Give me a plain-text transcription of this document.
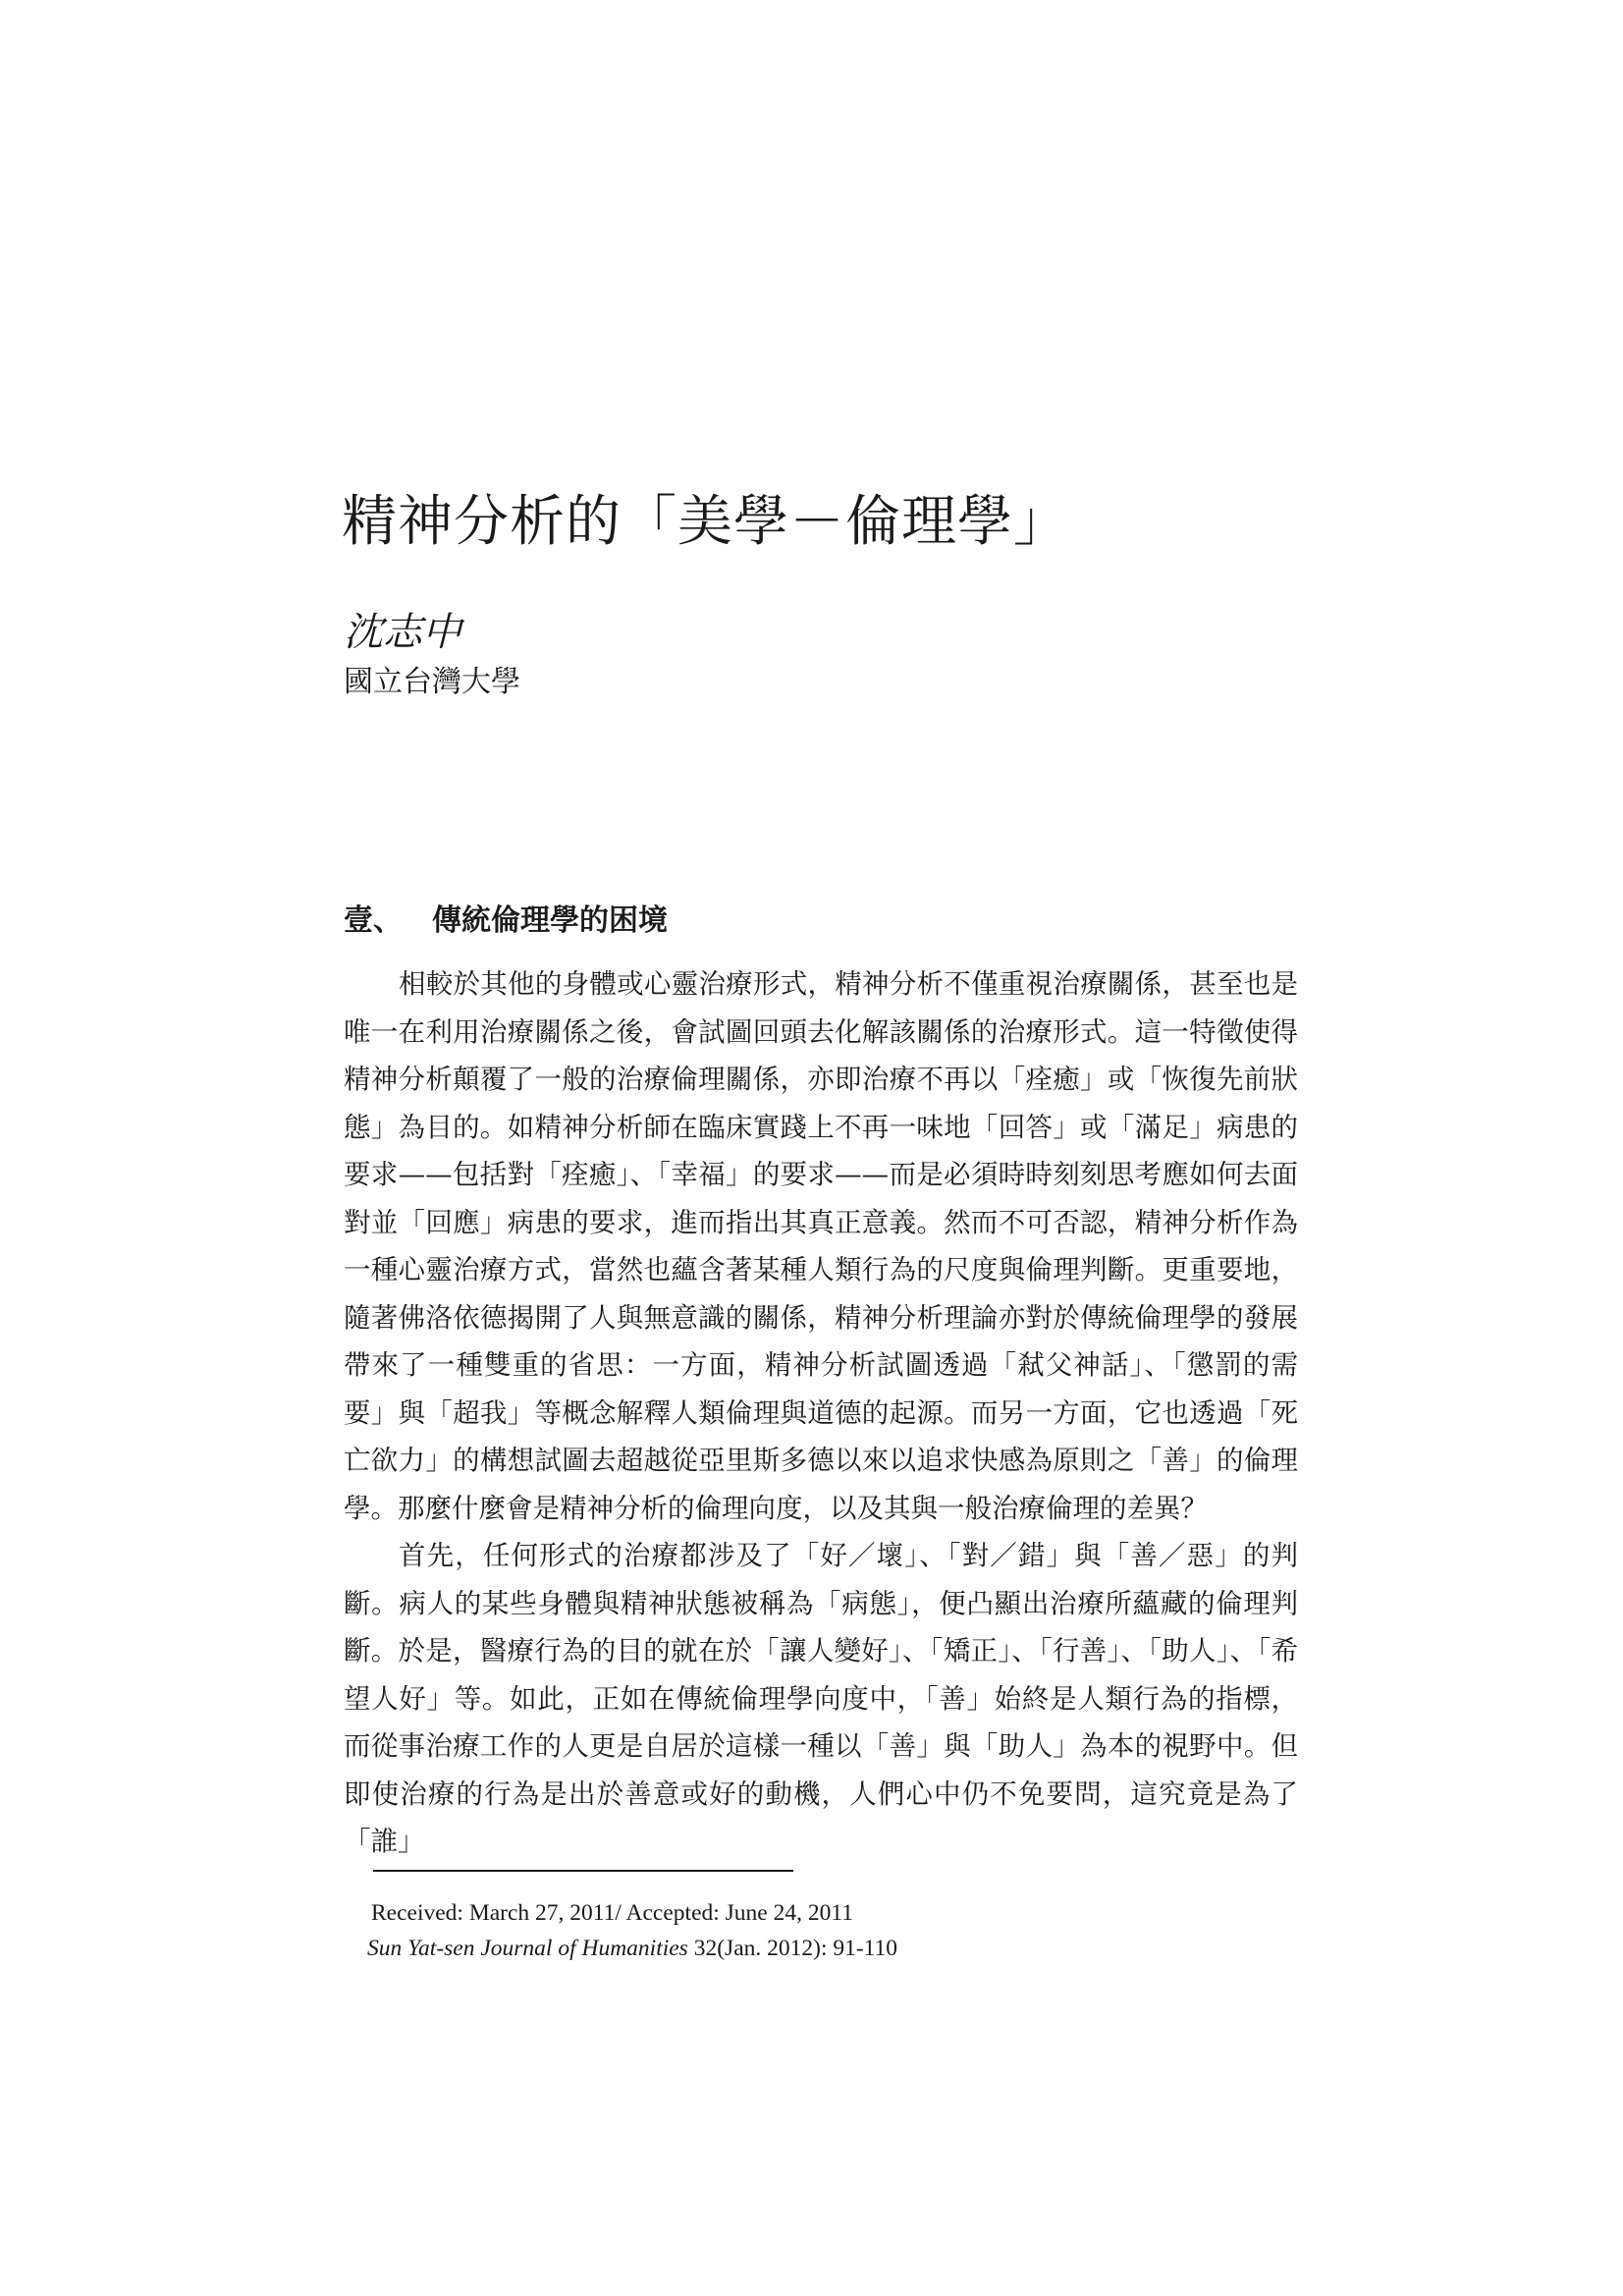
精神分析的「美學－倫理學」
沈志中
國立台灣大學
壹、 傳統倫理學的困境

相較於其他的身體或心靈治療形式，精神分析不僅重視治療關係，甚至也是唯一在利用治療關係之後，會試圖回頭去化解該關係的治療形式。這一特徵使得精神分析顛覆了一般的治療倫理關係，亦即治療不再以「痊癒」或「恢復先前狀態」為目的。如精神分析師在臨床實踐上不再一味地「回答」或「滿足」病患的要求——包括對「痊癒」、「幸福」的要求——而是必須時時刻刻思考應如何去面對並「回應」病患的要求，進而指出其真正意義。然而不可否認，精神分析作為一種心靈治療方式，當然也蘊含著某種人類行為的尺度與倫理判斷。更重要地，隨著佛洛依德揭開了人與無意識的關係，精神分析理論亦對於傳統倫理學的發展帶來了一種雙重的省思：一方面，精神分析試圖透過「弒父神話」、「懲罰的需要」與「超我」等概念解釋人類倫理與道德的起源。而另一方面，它也透過「死亡欲力」的構想試圖去超越從亞里斯多德以來以追求快感為原則之「善」的倫理學。那麼什麼會是精神分析的倫理向度，以及其與一般治療倫理的差異？

首先，任何形式的治療都涉及了「好／壞」、「對／錯」與「善／惡」的判斷。病人的某些身體與精神狀態被稱為「病態」，便凸顯出治療所蘊藏的倫理判斷。於是，醫療行為的目的就在於「讓人變好」、「矯正」、「行善」、「助人」、「希望人好」等。如此，正如在傳統倫理學向度中，「善」始終是人類行為的指標，而從事治療工作的人更是自居於這樣一種以「善」與「助人」為本的視野中。但即使治療的行為是出於善意或好的動機，人們心中仍不免要問，這究竟是為了「誰」

Received: March 27, 2011/ Accepted: June 24, 2011
Sun Yat-sen Journal of Humanities 32(Jan. 2012): 91-110
